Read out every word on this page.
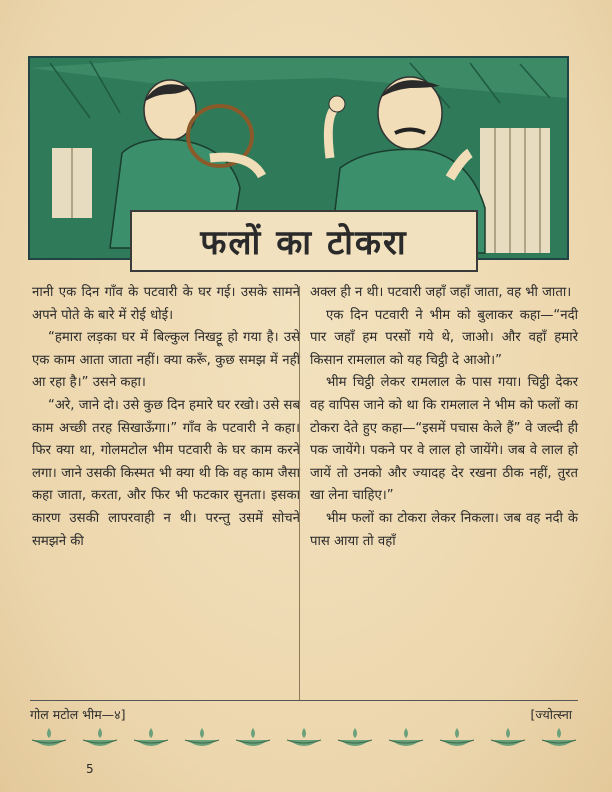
फलों का टोकरा

नानी एक दिन गाँव के पटवारी के घर गई। उसके सामने अपने पोते के बारे में रोई धोई।

“हमारा लड़का घर में बिल्कुल निखट्टू हो गया है। उसे एक काम आता जाता नहीं। क्या करूँ, कुछ समझ में नहीं आ रहा है।” उसने कहा।

“अरे, जाने दो। उसे कुछ दिन हमारे घर रखो। उसे सब काम अच्छी तरह सिखाऊँगा।” गाँव के पटवारी ने कहा। फिर क्या था, गोलमटोल भीम पटवारी के घर काम करने लगा। जाने उसकी किस्मत भी क्या थी कि वह काम जैसा कहा जाता, करता, और फिर भी फटकार सुनता। इसका कारण उसकी लापरवाही न थी। परन्तु उसमें सोचने समझने की

अक्ल ही न थी। पटवारी जहाँ जहाँ जाता, वह भी जाता।

एक दिन पटवारी ने भीम को बुलाकर कहा—“नदी पार जहाँ हम परसों गये थे, जाओ। और वहाँ हमारे किसान रामलाल को यह चिट्ठी दे आओ।”

भीम चिट्ठी लेकर रामलाल के पास गया। चिट्ठी देकर वह वापिस जाने को था कि रामलाल ने भीम को फलों का टोकरा देते हुए कहा—“इसमें पचास केले हैं” वे जल्दी ही पक जायेंगे। पकने पर वे लाल हो जायेंगे। जब वे लाल हो जायें तो उनको और ज्यादह देर रखना ठीक नहीं, तुरत खा लेना चाहिए।”

भीम फलों का टोकरा लेकर निकला। जब वह नदी के पास आया तो वहाँ

गोल मटोल भीम—४]	[ज्योत्स्ना
5
